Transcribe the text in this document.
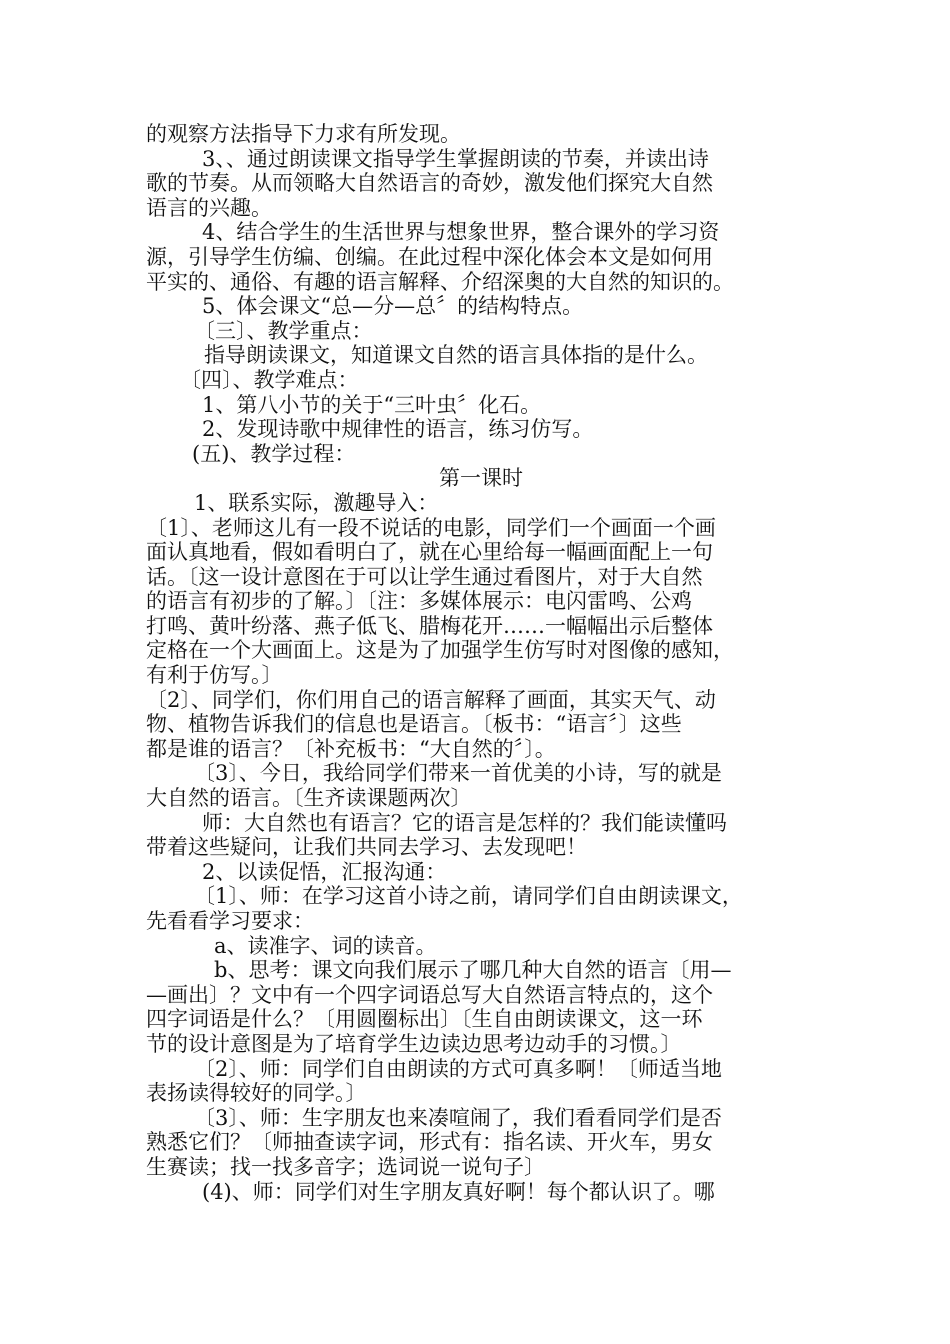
的观察方法指导下力求有所发现。
3、、通过朗读课文指导学生掌握朗读的节奏，并读出诗
歌的节奏。从而领略大自然语言的奇妙，激发他们探究大自然
语言的兴趣。
4、结合学生的生活世界与想象世界，整合课外的学习资
源，引导学生仿编、创编。在此过程中深化体会本文是如何用
平实的、通俗、有趣的语言解释、介绍深奥的大自然的知识的。
5、体会课文“总—分—总〞的结构特点。
〔三〕、教学重点：
指导朗读课文，知道课文自然的语言具体指的是什么。
〔四〕、教学难点：
1、第八小节的关于“三叶虫〞化石。
2、发现诗歌中规律性的语言，练习仿写。
(五)、教学过程：
第一课时
1、联系实际，激趣导入：
〔1〕、老师这儿有一段不说话的电影，同学们一个画面一个画
面认真地看，假如看明白了，就在心里给每一幅画面配上一句
话。〔这一设计意图在于可以让学生通过看图片，对于大自然
的语言有初步的了解。〕〔注：多媒体展示：电闪雷鸣、公鸡
打鸣、黄叶纷落、燕子低飞、腊梅花开……一幅幅出示后整体
定格在一个大画面上。这是为了加强学生仿写时对图像的感知，
有利于仿写。〕
〔2〕、同学们，你们用自己的语言解释了画面，其实天气、动
物、植物告诉我们的信息也是语言。〔板书：“语言〞〕这些
都是谁的语言？〔补充板书：“大自然的〞〕。
〔3〕、今日，我给同学们带来一首优美的小诗，写的就是
大自然的语言。〔生齐读课题两次〕
师：大自然也有语言？它的语言是怎样的？我们能读懂吗
带着这些疑问，让我们共同去学习、去发现吧！
2、以读促悟，汇报沟通：
〔1〕、师：在学习这首小诗之前，请同学们自由朗读课文，
先看看学习要求：
a、读准字、词的读音。
b、思考：课文向我们展示了哪几种大自然的语言〔用—
—画出〕？文中有一个四字词语总写大自然语言特点的，这个
四字词语是什么？〔用圆圈标出〕〔生自由朗读课文，这一环
节的设计意图是为了培育学生边读边思考边动手的习惯。〕
〔2〕、师：同学们自由朗读的方式可真多啊！〔师适当地
表扬读得较好的同学。〕
〔3〕、师：生字朋友也来凑喧闹了，我们看看同学们是否
熟悉它们？〔师抽查读字词，形式有：指名读、开火车，男女
生赛读；找一找多音字；选词说一说句子〕
(4)、师：同学们对生字朋友真好啊！每个都认识了。哪
